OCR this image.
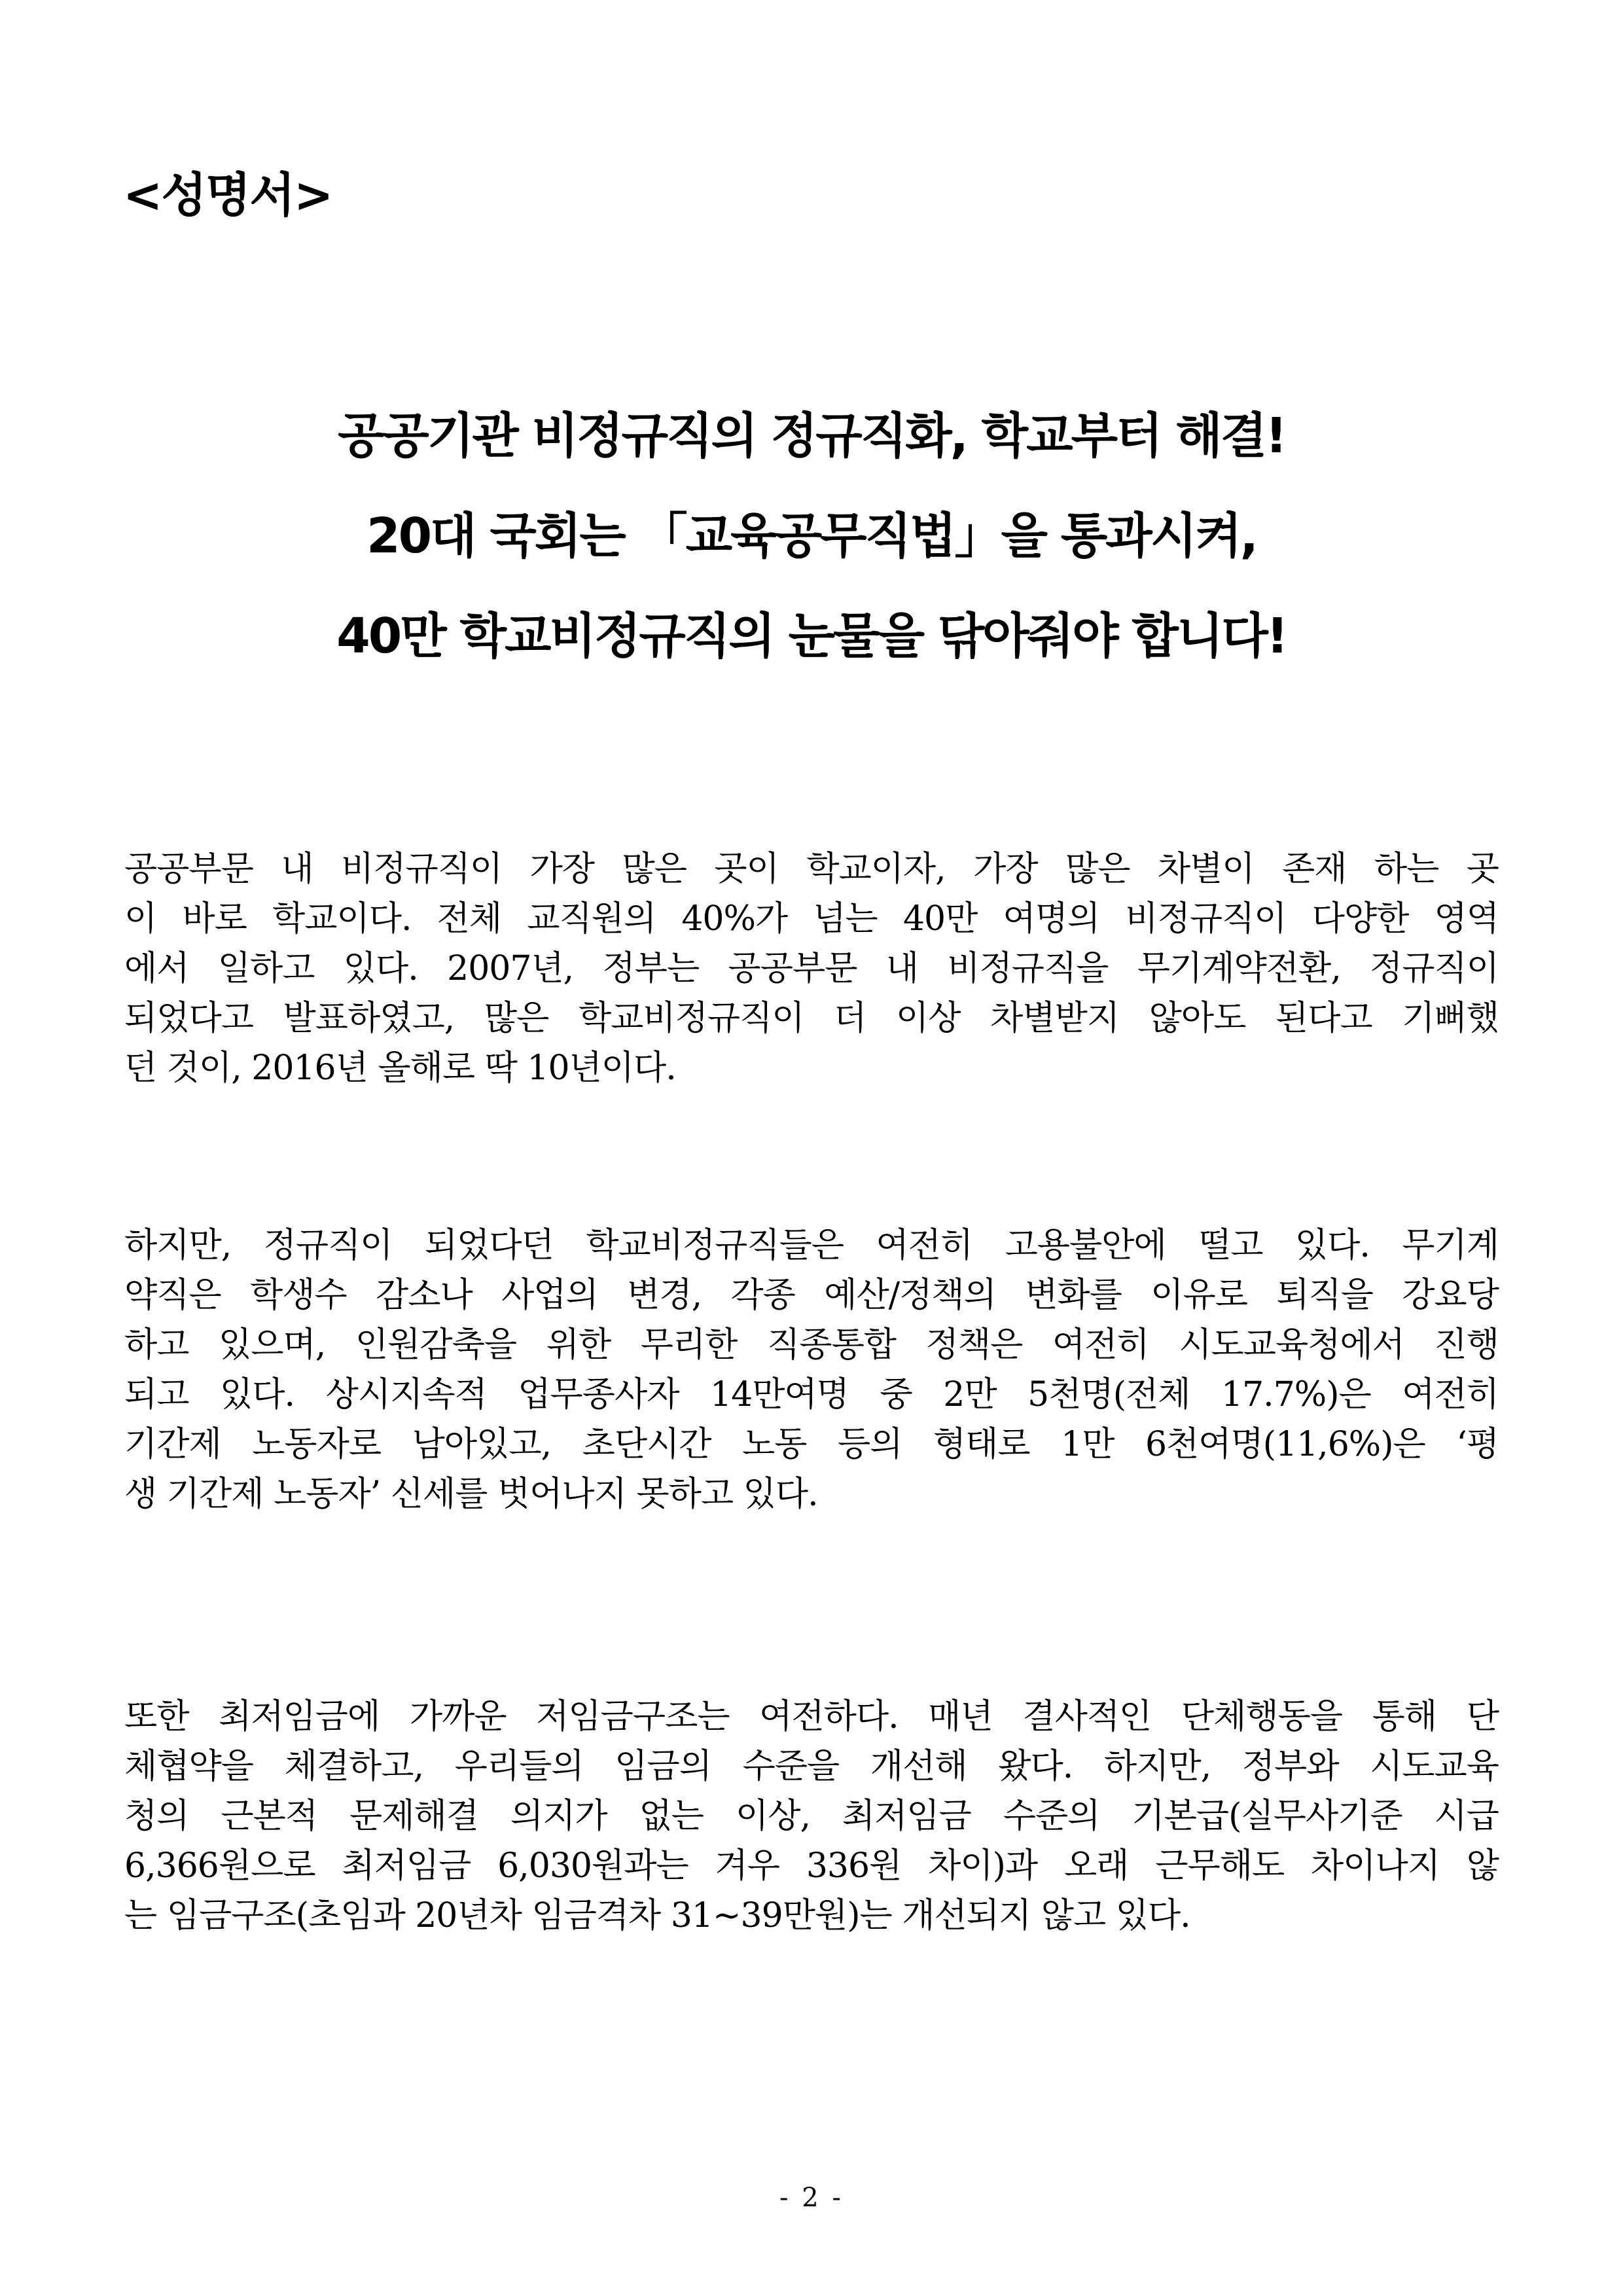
<성명서>
공공기관 비정규직의 정규직화, 학교부터 해결!
20대 국회는 「교육공무직법」을 통과시켜,
40만 학교비정규직의 눈물을 닦아줘야 합니다!
공공부문 내 비정규직이 가장 많은 곳이 학교이자, 가장 많은 차별이 존재 하는 곳
이 바로 학교이다. 전체 교직원의 40%가 넘는 40만 여명의 비정규직이 다양한 영역
에서 일하고 있다. 2007년, 정부는 공공부문 내 비정규직을 무기계약전환, 정규직이
되었다고 발표하였고, 많은 학교비정규직이 더 이상 차별받지 않아도 된다고 기뻐했
던 것이, 2016년 올해로 딱 10년이다.
하지만, 정규직이 되었다던 학교비정규직들은 여전히 고용불안에 떨고 있다. 무기계
약직은 학생수 감소나 사업의 변경, 각종 예산/정책의 변화를 이유로 퇴직을 강요당
하고 있으며, 인원감축을 위한 무리한 직종통합 정책은 여전히 시도교육청에서 진행
되고 있다. 상시지속적 업무종사자 14만여명 중 2만 5천명(전체 17.7%)은 여전히
기간제 노동자로 남아있고, 초단시간 노동 등의 형태로 1만 6천여명(11,6%)은 ‘평
생 기간제 노동자’ 신세를 벗어나지 못하고 있다.
또한 최저임금에 가까운 저임금구조는 여전하다. 매년 결사적인 단체행동을 통해 단
체협약을 체결하고, 우리들의 임금의 수준을 개선해 왔다. 하지만, 정부와 시도교육
청의 근본적 문제해결 의지가 없는 이상, 최저임금 수준의 기본급(실무사기준 시급
6,366원으로 최저임금 6,030원과는 겨우 336원 차이)과 오래 근무해도 차이나지 않
는 임금구조(초임과 20년차 임금격차 31~39만원)는 개선되지 않고 있다.
- 2 -
